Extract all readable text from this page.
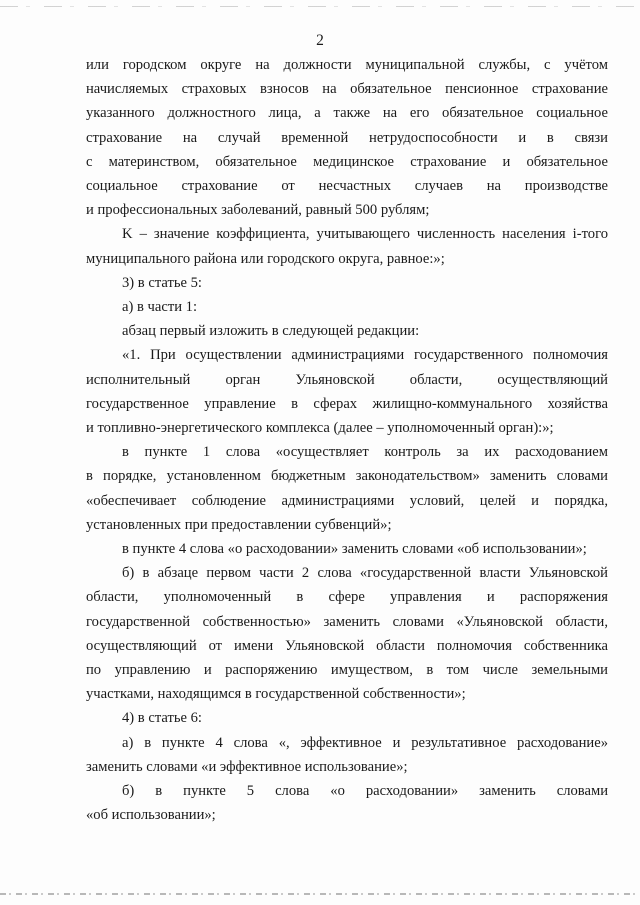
2

или городском округе на должности муниципальной службы, с учётом

начисляемых страховых взносов на обязательное пенсионное страхование

указанного должностного лица, а также на его обязательное социальное

страхование на случай временной нетрудоспособности и в связи

с материнством, обязательное медицинское страхование и обязательное

социальное страхование от несчастных случаев на производстве

и профессиональных заболеваний, равный 500 рублям;

K – значение коэффициента, учитывающего численность населения i-того

муниципального района или городского округа, равное:»;

3) в статье 5:

а) в части 1:

абзац первый изложить в следующей редакции:

«1. При осуществлении администрациями государственного полномочия

исполнительный орган Ульяновской области, осуществляющий

государственное управление в сферах жилищно-коммунального хозяйства

и топливно-энергетического комплекса (далее – уполномоченный орган):»;

в пункте 1 слова «осуществляет контроль за их расходованием

в порядке, установленном бюджетным законодательством» заменить словами

«обеспечивает соблюдение администрациями условий, целей и порядка,

установленных при предоставлении субвенций»;

в пункте 4 слова «о расходовании» заменить словами «об использовании»;

б) в абзаце первом части 2 слова «государственной власти Ульяновской

области, уполномоченный в сфере управления и распоряжения

государственной собственностью» заменить словами «Ульяновской области,

осуществляющий от имени Ульяновской области полномочия собственника

по управлению и распоряжению имуществом, в том числе земельными

участками, находящимся в государственной собственности»;

4) в статье 6:

а) в пункте 4 слова «, эффективное и результативное расходование»

заменить словами «и эффективное использование»;

б) в пункте 5 слова «о расходовании» заменить словами

«об использовании»;
